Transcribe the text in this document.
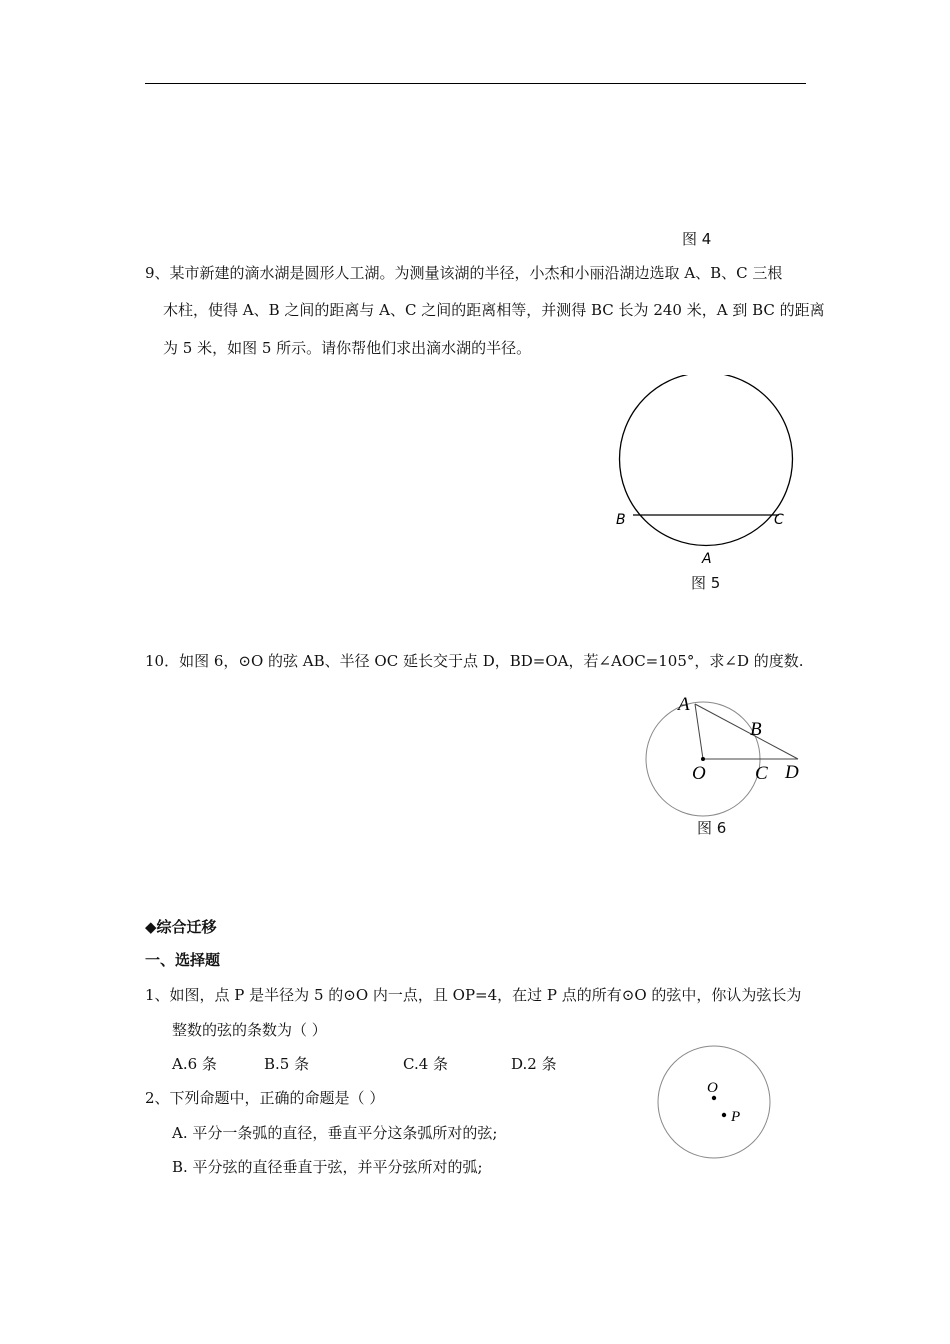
图 4
9、某市新建的滴水湖是圆形人工湖。为测量该湖的半径，小杰和小丽沿湖边选取 A、B、C 三根
木柱，使得 A、B 之间的距离与 A、C 之间的距离相等，并测得 BC 长为 240 米，A 到 BC 的距离
为 5 米，如图 5 所示。请你帮他们求出滴水湖的半径。
B	C
A
图 5
10．如图 6，⊙O 的弦 AB、半径 OC 延长交于点 D，BD=OA，若∠AOC=105°，求∠D 的度数.
A
B
O	C D
图 6
◆综合迁移
一、选择题
1、如图，点 P 是半径为 5 的⊙O 内一点，且 OP=4，在过 P 点的所有⊙O 的弦中，你认为弦长为
整数的弦的条数为（ ）
A.6 条	B.5 条	C.4 条	D.2 条
O
P
2、下列命题中，正确的命题是（ ）
A. 平分一条弧的直径，垂直平分这条弧所对的弦;
B. 平分弦的直径垂直于弦，并平分弦所对的弧;
